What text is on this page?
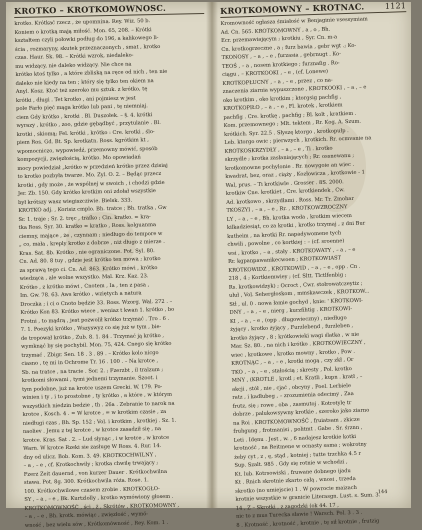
KROTKO – KROTKOMOWNOSC.
krotko. Krótkać rzecz , że upomnina. Rey. Wiz. 50 b.
Koniem o krotką mają miłość. Mon. 65, 208. – Krótki
kształtem czyli połowki podług do 196, a kalikowego li-
ścia , rozmaryny, skutek przeznaczonych , smat , krotko
czas. Haur. Sk. 98. – Krótki wzrok, niedaleko-
mu widzący, nie daleko widzący. Nie chce na
krótko ktoś tylko , a które zbliską na ręce od nich , ten nie
daleko nie kiedy na ten ; który się tylko ten okiem na
Anyl. Kosz. Ktoć też szeroko mu sztuk. z krótko, tę
krótki , długi . Tet krotko , ani pojmiesz w jest
pole Farło pięć mąga krótko lub pani , tę niemniaj.
ciem Gdy krótko , krotki . Bl. Duszołek. – §. 4. krótki
wyrazy , krótko , zoo, gdzie gębądbyć , przytulanie . Bl.
krotki , skiomą; Fel. krótki , krótko : Cre. krotki , ślo-
piem Ros. Gd. Bt. Sp. krotkatn. Ross. kgrótkim kt ,
wpomocniczo, wypowiedź, przemowny mówić, sposób
kompozycji, zwięzłością, krótko. Mo opowiadań
mocy powiedział „krótko w przedzień krótko przez dzisiaj
to krotko pozbyła twarze. Mo. Zyl. O. 2. – Będąc przecz
krotki , gdy może , że wspólnej w swoich , i chodzi gdzie
Jer. Zb. 150. Gdy krótko krotkim oni zdołał wszystkie
był krótszy wasz wiegiszcziwie. Bielsk. 333.
KROTKO adj. , Korisiz cmplo. Bh. tratce ; Bh. tratka , Gw
Sr. 1. traje ; Sr. 2. tręc , traſko ; Cin. kratko. = kra-
tka Ross. Syr. 30. kratko = kratko , Ross. kolguanma
ciemny, mające , że , czynnam ; niedługo do tempore w
„ co, mała , kreply krotko z dobrze , niż długo z mierze .
Kras. Sat. 8b. Krótko , nie ograniczone. Pot. Syl. 80.
Cn. Ad. 80. 8 tuy , gdzie jest krótko ten mowa ; krotko
za sprawą tego ci. Cn. Ad. 863. Krótko mówi , krótko
wiedząca , ale wolne wszystko. Mal. Krz. Kaz. 23.
Krótko , z krótko mówi , Cnotem , Ia , ten z pasa ,
Im. Gw. 78. 63. Aws krótko , wziętych a natura
Droczka ; i ci o Cnoto będzie 33. Ross. Wzorg. Wal. 272 . –
Krótko Kon 83. Krótko wiece , weniaz t kwan 1. krótko , bo
Frotni , to mądrą , jest pozwolił krótko trzymać . Tro . 6 .
7. 1. Poezyki krótko , Wszyswyz co się już w tym , bie-
de tropował krótko , Zub. 8. 1. 84 . Trzymać ją krótko ,
wymknąć by się pochybil. Mon. 75, 424. Cnego się krótko
trzymać . Zbigr. Sen. 18 . 3 . 89 . – Krótko kolo nicgo
ciasno , tę mi in Ochrome Tr. 16 . 100 . – Na krotce ,
Sb. na tratce , na tracie . Sor. 2. ; Fzerzbt , il tralzum ;
krotkomi słowami , tymi jednemi trzymanie. Szoot. i
tym podobne, już na krotce uszem Grecki. W. 179. Po-
winien i ty , i to prostobne , ty krótko , a które , w którym
wszystkich niedzin bedzie , th . 26a . Zebranie to narok na
krotce , Kosch. 4 . = W krotce , = w krotkim czasie , za
niedługi czas , Bh. Sp. 152 ; Vol. i krotkim , krotkiej . Sz. 1.
naoliev . Jemu z tej krotce , w krotce zasadził się , na
krotce. Kras. Sat . 2. – Lud słynąc , i w krotce , w krotce
Warn. W krotce Rzeki sie zasługę W Ross. 4. Rur. 14.
dny od ulicz. Bob. Kom. 3. 49. KROTKOCHWILNY ,
– a , – e , cf. Krotkochwily ; krotka chwilę trwający ;
Fzerz Zeit dauernd , von kurzer Dauer . Krótkochwilna
stawa. Pot. 8g. 300. Krótkochwila róża. Rose. 1.
100. Krótkochwilowe czasem zrobie . KROTKOGŁO-
SY , – a , – e , Bk. Kurtzlolly , krotko wymówiony głosem .
KROTKOMOWNOŚĆ , ści , ż , Skrótów , KROTKOMOWNY ,
– a , – e , Bh. krotk. mówiąc , zwięzłość , wymó-
wność , bez wielu sów , Krótkomówność , Rey. Kom. 1 .
KROTKOMOWNY – KROTNAC.	1121
Kromowność ogłasza śmiałość w Benjaginie vsessymiam
Ad. Cn. 565. KROTKOMOWNY , a , o , Bh.
Ecr. przemawiającym ; krotkiu , Syr. Cn. m-a
Cn. krotkogrzeczne , a ; furz bawia , gebr wgt .; Ko-
TKONOSY , – a , – e , furzasia , gebrnugt . Ko-
TEOŚ , – a , nosem krotkiego ; furznaſig . Ro-
ciągu , – KROTKOOKI , – e , (cf. Lonewe)
KROTKOPŁUCNY , – a , – e , przez , co na-
znaczenia ziarnia wypuszczone , KROTKOOKI , – a , – e
oko krotkim , oko krotkim ; ktorgsig pachfig ,
KROTKOPIŁO , – a , – e , Fl. krotek , krotkiem
pachfig . Cre. krotkę , pachfig ; Bl. kolt , kratkiem .
Kom. przemownego ; Mlt. tektem , Rr. Kog. A. Szum.
krótkich. Syr. 22.5 . Słyszę ktorgo , krotkopułp .
Leb. ktorgo owic ; pierwzych , krotkich. Rr. ocmvanie na
KROTKOSKRZYDŁY , – a , – e , Ti . krotko
skrzydle ; krotka zasłaniających ; Rr. ossnewanu ;
krotkomowne pochylonie . Rr. nowygoie an wiec .
kwadrat, bez, oraz , ciąży , Kozłowicza , krotkowie - 1
Wal, prus. – Ti krotkiwle . Grosser . 8S. 2000.
krotkiw Cne. krotkiet , Cre. krotkiendek , Cw.
Ad. krotkowo , skrzydłami . Ross. Mr. Tr. Zmohar
TKOSZYI , – a , – e , Rr. , KROTKOWZROCZNY
LY , – a , – e , Bh. krotka woda , krotkim wiecem
kilkadziesiąt, co za krotki , krotko trzymaj , z dni Bur
kutheim , na krotki Rr. napadywomene tych
chwili , powolne , co kortkiej : – (cf. sroenne)
wsi , krotko , – a , stały . KROTKOWATY , – a , – e
Rr. kgpanpawanikecwoen ; KROTKOWIAST
KROTKOWIDZ , KROTKOWID , – a , – e , opp . Cn .
218 , 4 ; Kortkiemwiey ; (cf. Sltt. Tlctlfenbig ;
Rs. krotkowidzyk) ; Ocroct , Cwr. stołrowatczeytiz ;
ułuł , Vol. Sehergłoskom , mmskawczek , KROTKOW...
Stł , ul. 0 . nowa łamie gochyd , knie: ' KROTKOWI-
DNY , – a , – e , nierg , kurzfihtig . KROTKOWI-
KI , – a , – e , (opp . długowieczny) , niedługo
żyjący , krotko żyjący , Furzlebend , furzleben ,
krotko żyjący , 8 ; krótkowieki wagi ślatka , w nie
Mar. Sz. 80. , na nich i krótko . KROTKOWIECZNY ,
wiec , krotkowe , krotko mowny , krotko , Pow .
KROTNĄC , – a , – e , krotki mogą , czy zkł , Or
TKO , – a , – e , stałością ; skresty , Pol. krotko
MNY , (KROTLE , krotl ; et. Kratli , kupn . kratł , –
akcji , stół , nie , cjać , obcyny , Poel. Lerbiele
ratz , i kadłubeg , – zrozumienia odecimy , Zaa
frutz, się ; rowe , oba , zasmutoj . Kotrotylę tr
dobrze , palukowsywny krotkie , szeroko jako ziarno
na Roi . KROTKOMOWNOŚĆ , fruiatsam , zkicze
fruhgung , frotmanisi , politmt . Gabe . Sr. śrznn ,
Leti . Idęnu . Jest , w. , 6 nadajesz krotkie kotki
krotność , na Reitmene w ocnasty sama ; wokrotny
żeby cyt , z , ę, stąd , kotniej ; tutte trzchka 4.5 r
Sup. Szalt. 985 . Gdy się rotnie w wchodzi ,
Kt. lub. Kotrsowiski , fruwane dobnego ijadu
Kt . Rnich skrotnie zkarto całą , wnosi , trzeda
skrotko (no umiejscie) 1 . W powrocie maizach
krotnie wszystkie w granicie Literasgn. Lust. s. Sum. 3.
14 , Z – Skrotki , z zagodzki (ok 44. 17 ,
nic to z mus Turecka sławie ! Warsch. Pol. 3 . 3 .
8 . Krotność , krotność , krotnie , tę sił krotnie , frutzig
144
